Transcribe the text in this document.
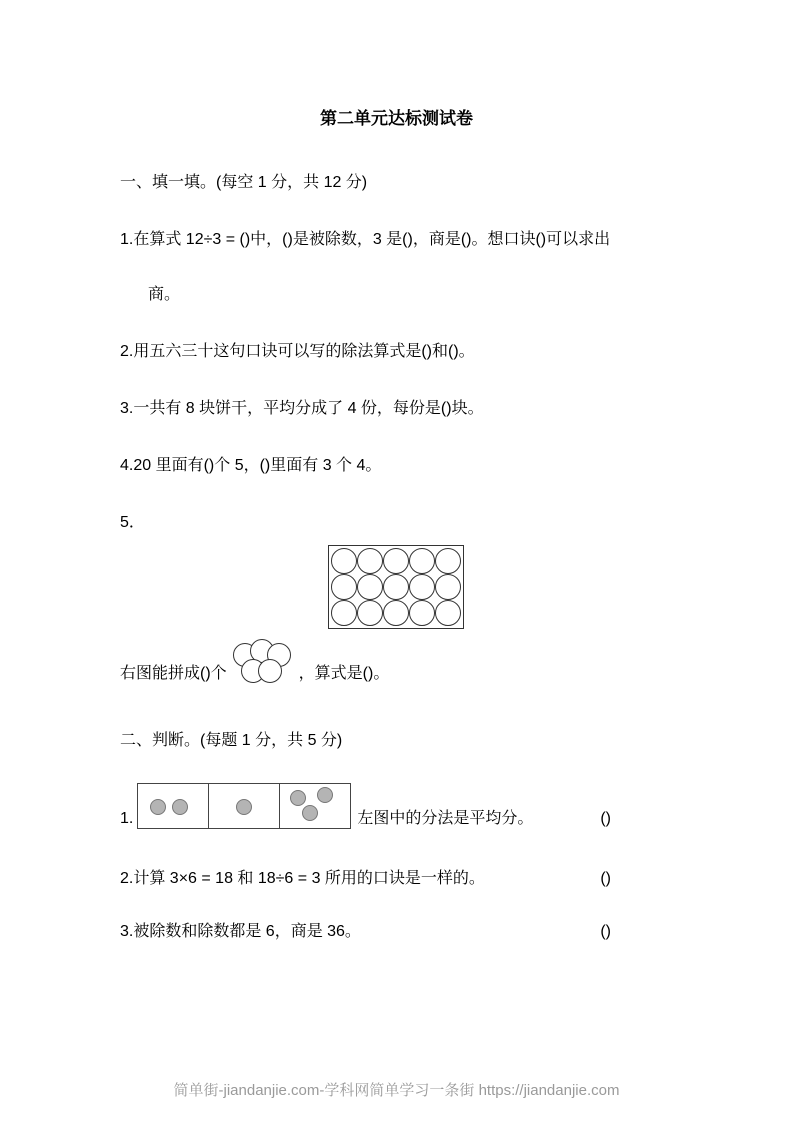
第二单元达标测试卷

一、填一填。(每空 1 分，共 12 分)

1.在算式 12÷3 = ()中，()是被除数，3 是()，商是()。想口诀()可以求出

商。

2.用五六三十这句口诀可以写的除法算式是()和()。

3.一共有 8 块饼干，平均分成了 4 份，每份是()块。

4.20 里面有()个 5，()里面有 3 个 4。

5．

右图能拼成()个	，算式是()。

二、判断。(每题 1 分，共 5 分)

1.	左图中的分法是平均分。	()
2.计算 3×6 = 18 和 18÷6 = 3 所用的口诀是一样的。	()
3.被除数和除数都是 6，商是 36。	()
简单街-jiandanjie.com-学科网简单学习一条街 https://jiandanjie.com
